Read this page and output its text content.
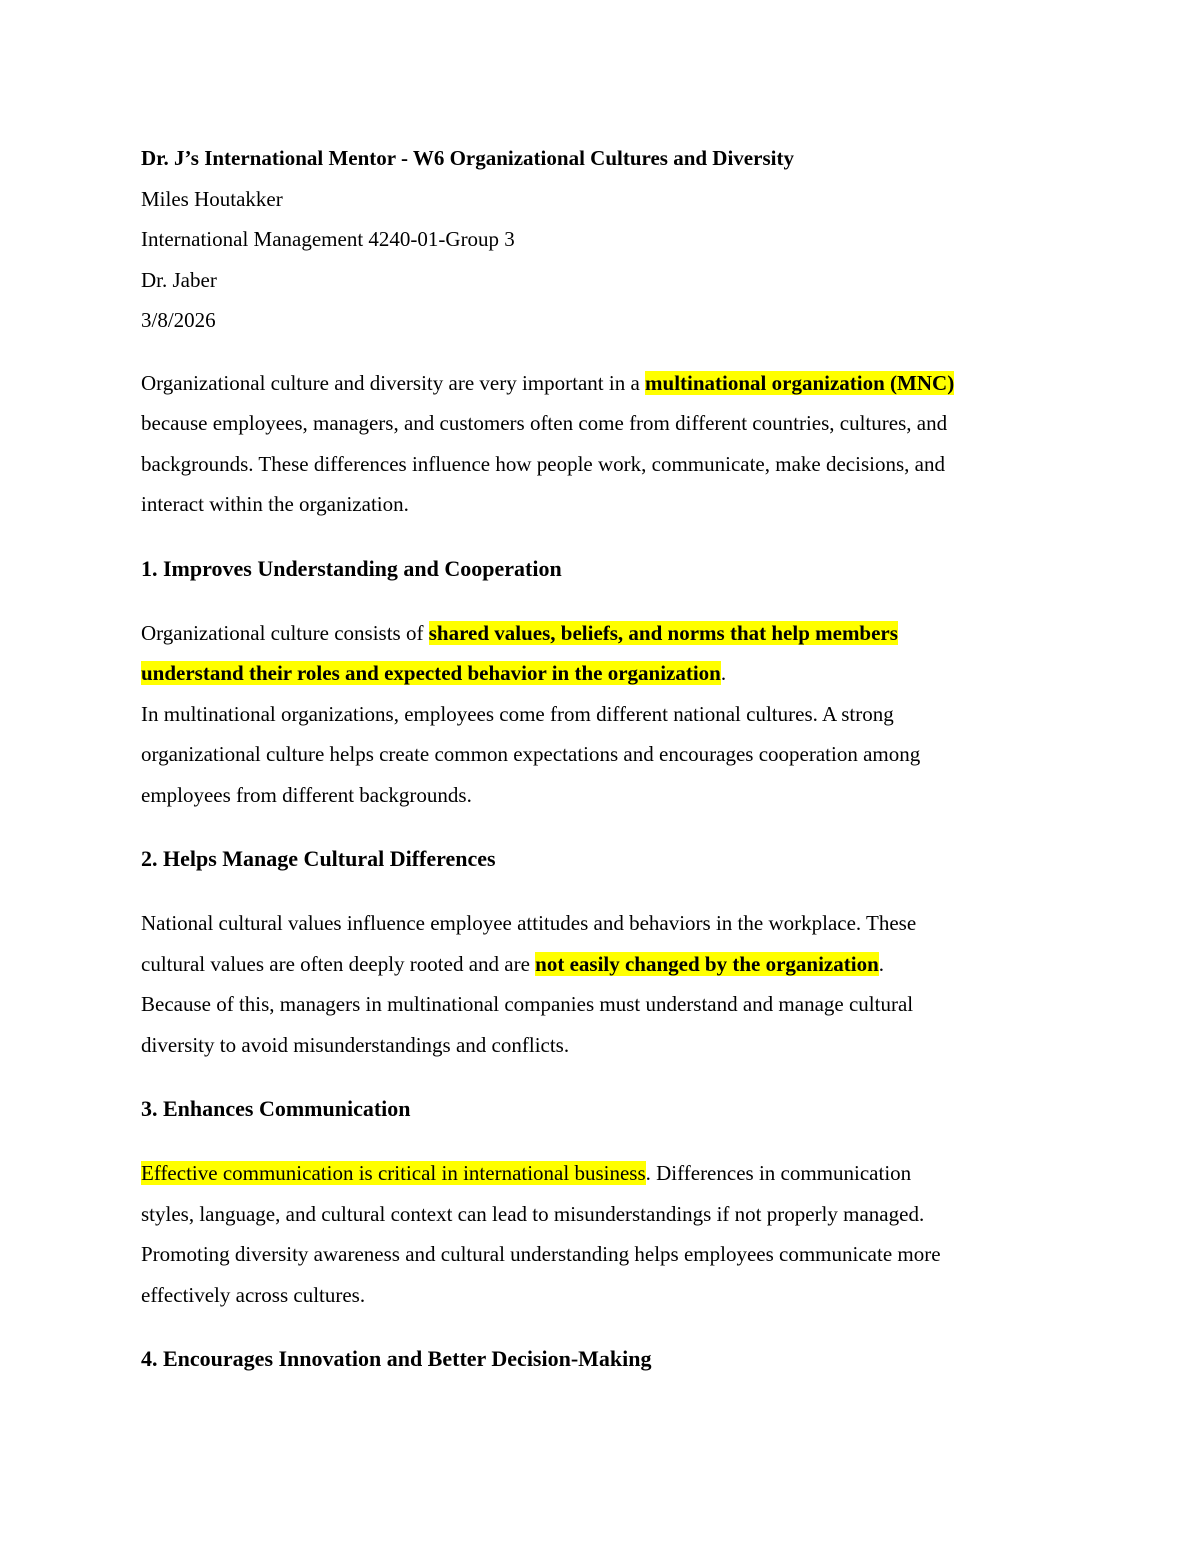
Dr. J’s International Mentor - W6 Organizational Cultures and Diversity
Miles Houtakker
International Management 4240-01-Group 3
Dr. Jaber
3/8/2026
Organizational culture and diversity are very important in a multinational organization (MNC)
because employees, managers, and customers often come from different countries, cultures, and
backgrounds. These differences influence how people work, communicate, make decisions, and
interact within the organization.
1. Improves Understanding and Cooperation
Organizational culture consists of shared values, beliefs, and norms that help members
understand their roles and expected behavior in the organization.
In multinational organizations, employees come from different national cultures. A strong
organizational culture helps create common expectations and encourages cooperation among
employees from different backgrounds.
2. Helps Manage Cultural Differences
National cultural values influence employee attitudes and behaviors in the workplace. These
cultural values are often deeply rooted and are not easily changed by the organization.
Because of this, managers in multinational companies must understand and manage cultural
diversity to avoid misunderstandings and conflicts.
3. Enhances Communication
Effective communication is critical in international business. Differences in communication
styles, language, and cultural context can lead to misunderstandings if not properly managed.
Promoting diversity awareness and cultural understanding helps employees communicate more
effectively across cultures.
4. Encourages Innovation and Better Decision-Making
